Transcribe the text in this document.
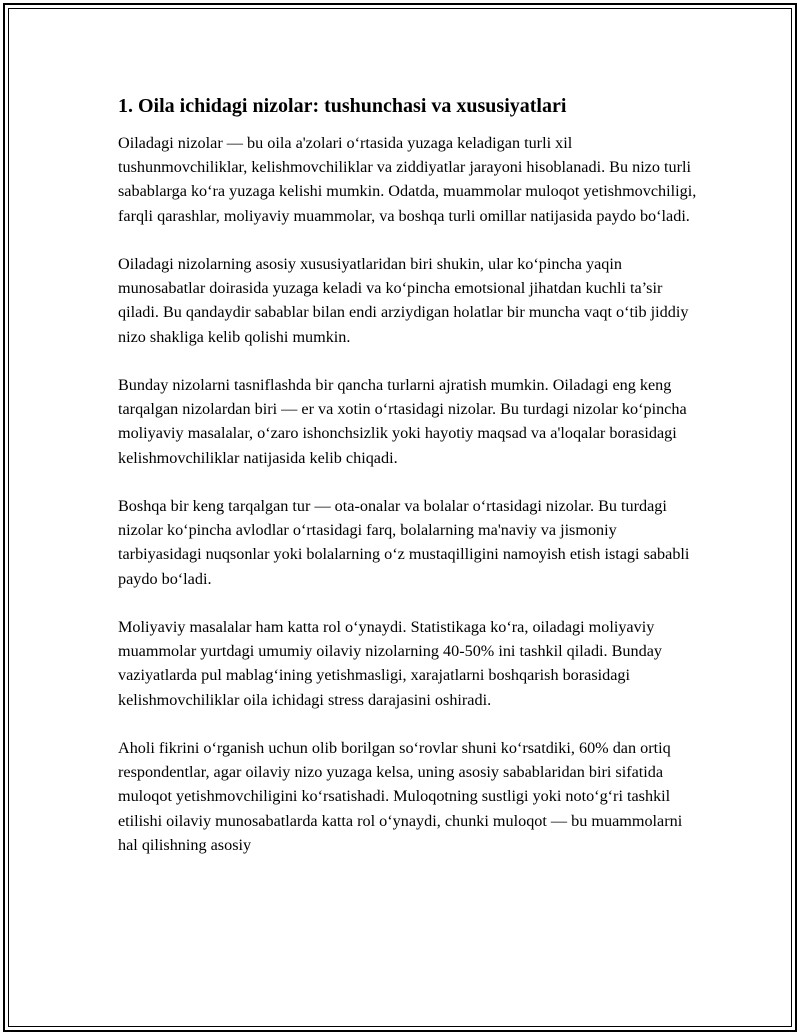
1. Oila ichidagi nizolar: tushunchasi va xususiyatlari

Oiladagi nizolar — bu oila a'zolari o‘rtasida yuzaga keladigan turli xil tushunmovchiliklar, kelishmovchiliklar va ziddiyatlar jarayoni hisoblanadi. Bu nizo turli sabablarga ko‘ra yuzaga kelishi mumkin. Odatda, muammolar muloqot yetishmovchiligi, farqli qarashlar, moliyaviy muammolar, va boshqa turli omillar natijasida paydo bo‘ladi.

Oiladagi nizolarning asosiy xususiyatlaridan biri shukin, ular ko‘pincha yaqin munosabatlar doirasida yuzaga keladi va ko‘pincha emotsional jihatdan kuchli ta’sir qiladi. Bu qandaydir sabablar bilan endi arziydigan holatlar bir muncha vaqt o‘tib jiddiy nizo shakliga kelib qolishi mumkin.

Bunday nizolarni tasniflashda bir qancha turlarni ajratish mumkin. Oiladagi eng keng tarqalgan nizolardan biri — er va xotin o‘rtasidagi nizolar. Bu turdagi nizolar ko‘pincha moliyaviy masalalar, o‘zaro ishonchsizlik yoki hayotiy maqsad va a'loqalar borasidagi kelishmovchiliklar natijasida kelib chiqadi.

Boshqa bir keng tarqalgan tur — ota-onalar va bolalar o‘rtasidagi nizolar. Bu turdagi nizolar ko‘pincha avlodlar o‘rtasidagi farq, bolalarning ma'naviy va jismoniy tarbiyasidagi nuqsonlar yoki bolalarning o‘z mustaqilligini namoyish etish istagi sababli paydo bo‘ladi.

Moliyaviy masalalar ham katta rol o‘ynaydi. Statistikaga ko‘ra, oiladagi moliyaviy muammolar yurtdagi umumiy oilaviy nizolarning 40-50% ini tashkil qiladi. Bunday vaziyatlarda pul mablag‘ining yetishmasligi, xarajatlarni boshqarish borasidagi kelishmovchiliklar oila ichidagi stress darajasini oshiradi.

Aholi fikrini o‘rganish uchun olib borilgan so‘rovlar shuni ko‘rsatdiki, 60% dan ortiq respondentlar, agar oilaviy nizo yuzaga kelsa, uning asosiy sabablaridan biri sifatida muloqot yetishmovchiligini ko‘rsatishadi. Muloqotning sustligi yoki noto‘g‘ri tashkil etilishi oilaviy munosabatlarda katta rol o‘ynaydi, chunki muloqot — bu muammolarni hal qilishning asosiy
